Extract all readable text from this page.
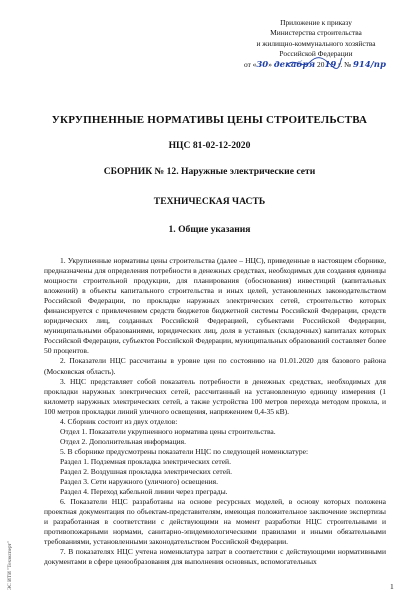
Приложение к приказу
Министерства строительства
и жилищно-коммунального хозяйства
Российской Федерации
от «30» декабря 2019 г. № 914/пр
УКРУПНЕННЫЕ НОРМАТИВЫ ЦЕНЫ СТРОИТЕЛЬСТВА
НЦС 81-02-12-2020
СБОРНИК № 12. Наружные электрические сети
ТЕХНИЧЕСКАЯ ЧАСТЬ
1. Общие указания

1. Укрупненные нормативы цены строительства (далее – НЦС), приведенные в настоящем сборнике, предназначены для определения потребности в денежных средствах, необходимых для создания единицы мощности строительной продукции, для планирования (обоснования) инвестиций (капитальных вложений) в объекты капитального строительства и иных целей, установленных законодательством Российской Федерации, по прокладке наружных электрических сетей, строительство которых финансируется с привлечением средств бюджетов бюджетной системы Российской Федерации, средств юридических лиц, созданных Российской Федерацией, субъектами Российской Федерации, муниципальными образованиями, юридических лиц, доля в уставных (складочных) капиталах которых Российской Федерации, субъектов Российской Федерации, муниципальных образований составляет более 50 процентов.

2. Показатели НЦС рассчитаны в уровне цен по состоянию на 01.01.2020 для базового района (Московская область).

3. НЦС представляет собой показатель потребности в денежных средствах, необходимых для прокладки наружных электрических сетей, рассчитанный на установленную единицу измерения (1 километр наружных электрических сетей, а также устройства 100 метров перехода методом прокола, и 100 метров прокладки линий уличного освещения, напряжением 0,4-35 кВ).

4. Сборник состоит из двух отделов:

Отдел 1. Показатели укрупненного норматива цены строительства.

Отдел 2. Дополнительная информация.

5. В сборнике предусмотрены показатели НЦС по следующей номенклатуре:

Раздел 1. Подземная прокладка электрических сетей.

Раздел 2. Воздушная прокладка электрических сетей.

Раздел 3. Сети наружного (уличного) освещения.

Раздел 4. Переход кабельной линии через преграды.

6. Показатели НЦС разработаны на основе ресурсных моделей, в основу которых положена проектная документация по объектам-представителям, имеющая положительное заключение экспертизы и разработанная в соответствии с действующими на момент разработки НЦС строительными и противопожарными нормами, санитарно-эпидемиологическими правилами и иными обязательными требованиями, установленными законодательством Российской Федерации.

7. В показателях НЦС учтена номенклатура затрат в соответствии с действующими нормативными документами в сфере ценообразования для выполнения основных, вспомогательных

ЭС ИТИ "Техэксперт"	1
